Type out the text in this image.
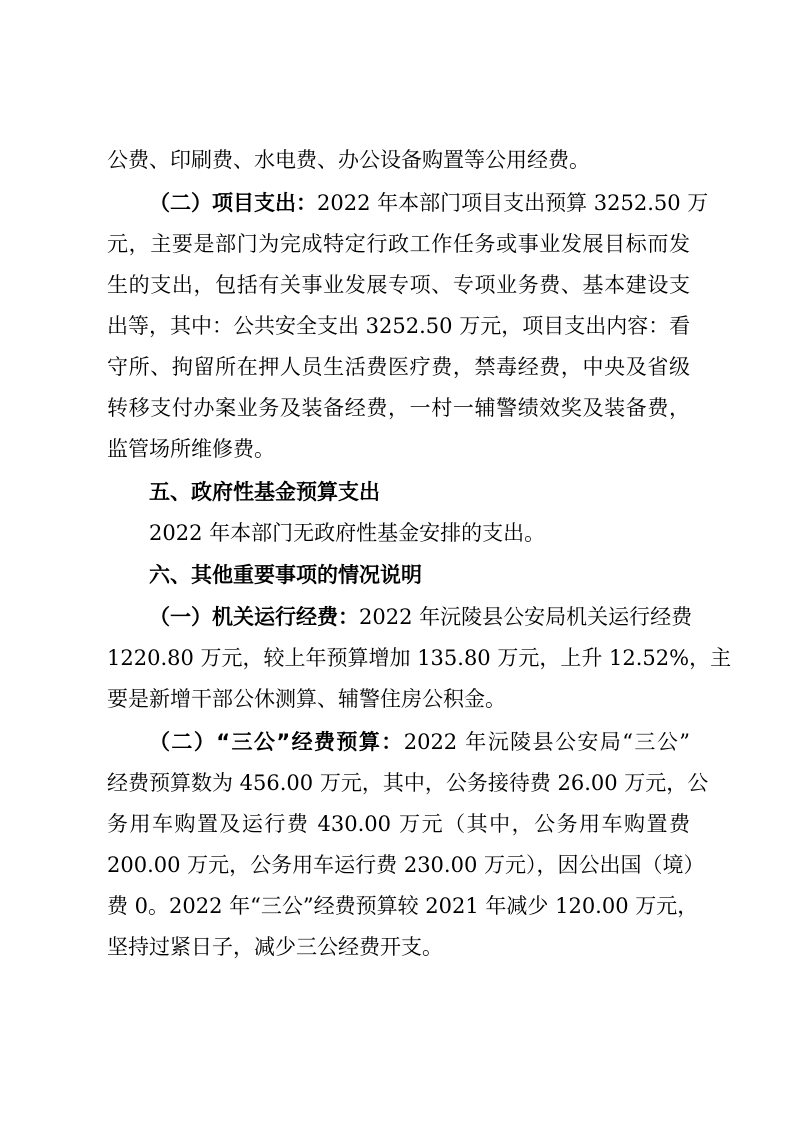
公费、印刷费、水电费、办公设备购置等公用经费。
（二）项目支出：2022 年本部门项目支出预算 3252.50 万
元，主要是部门为完成特定行政工作任务或事业发展目标而发
生的支出，包括有关事业发展专项、专项业务费、基本建设支
出等，其中：公共安全支出 3252.50 万元，项目支出内容：看
守所、拘留所在押人员生活费医疗费，禁毒经费，中央及省级
转移支付办案业务及装备经费，一村一辅警绩效奖及装备费，
监管场所维修费。
五、政府性基金预算支出
2022 年本部门无政府性基金安排的支出。
六、其他重要事项的情况说明
（一）机关运行经费：2022 年沅陵县公安局机关运行经费
1220.80 万元，较上年预算增加 135.80 万元，上升 12.52%，主
要是新增干部公休测算、辅警住房公积金。
（二）“三公”经费预算：2022 年沅陵县公安局“三公”
经费预算数为 456.00 万元，其中，公务接待费 26.00 万元，公
务用车购置及运行费 430.00 万元（其中，公务用车购置费
200.00 万元，公务用车运行费 230.00 万元），因公出国（境）
费 0。2022 年“三公”经费预算较 2021 年减少 120.00 万元，
坚持过紧日子，减少三公经费开支。
